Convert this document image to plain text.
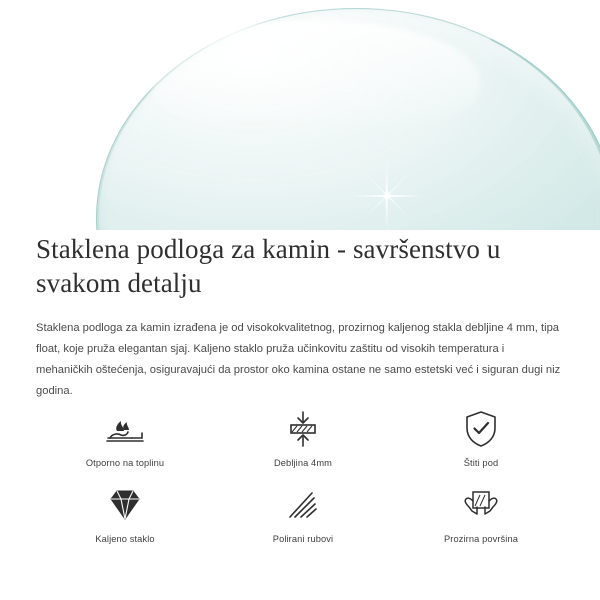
Staklena podloga za kamin - savršenstvo u svakom detalju

Staklena podloga za kamin izrađena je od visokokvalitetnog, prozirnog kaljenog stakla debljine 4 mm, tipa float, koje pruža elegantan sjaj. Kaljeno staklo pruža učinkovitu zaštitu od visokih temperatura i mehaničkih oštećenja, osiguravajući da prostor oko kamina ostane ne samo estetski već i siguran dugi niz godina.

Otporno na toplinu	Debljina 4mm	Štiti pod
Kaljeno staklo	Polirani rubovi	Prozirna površina
